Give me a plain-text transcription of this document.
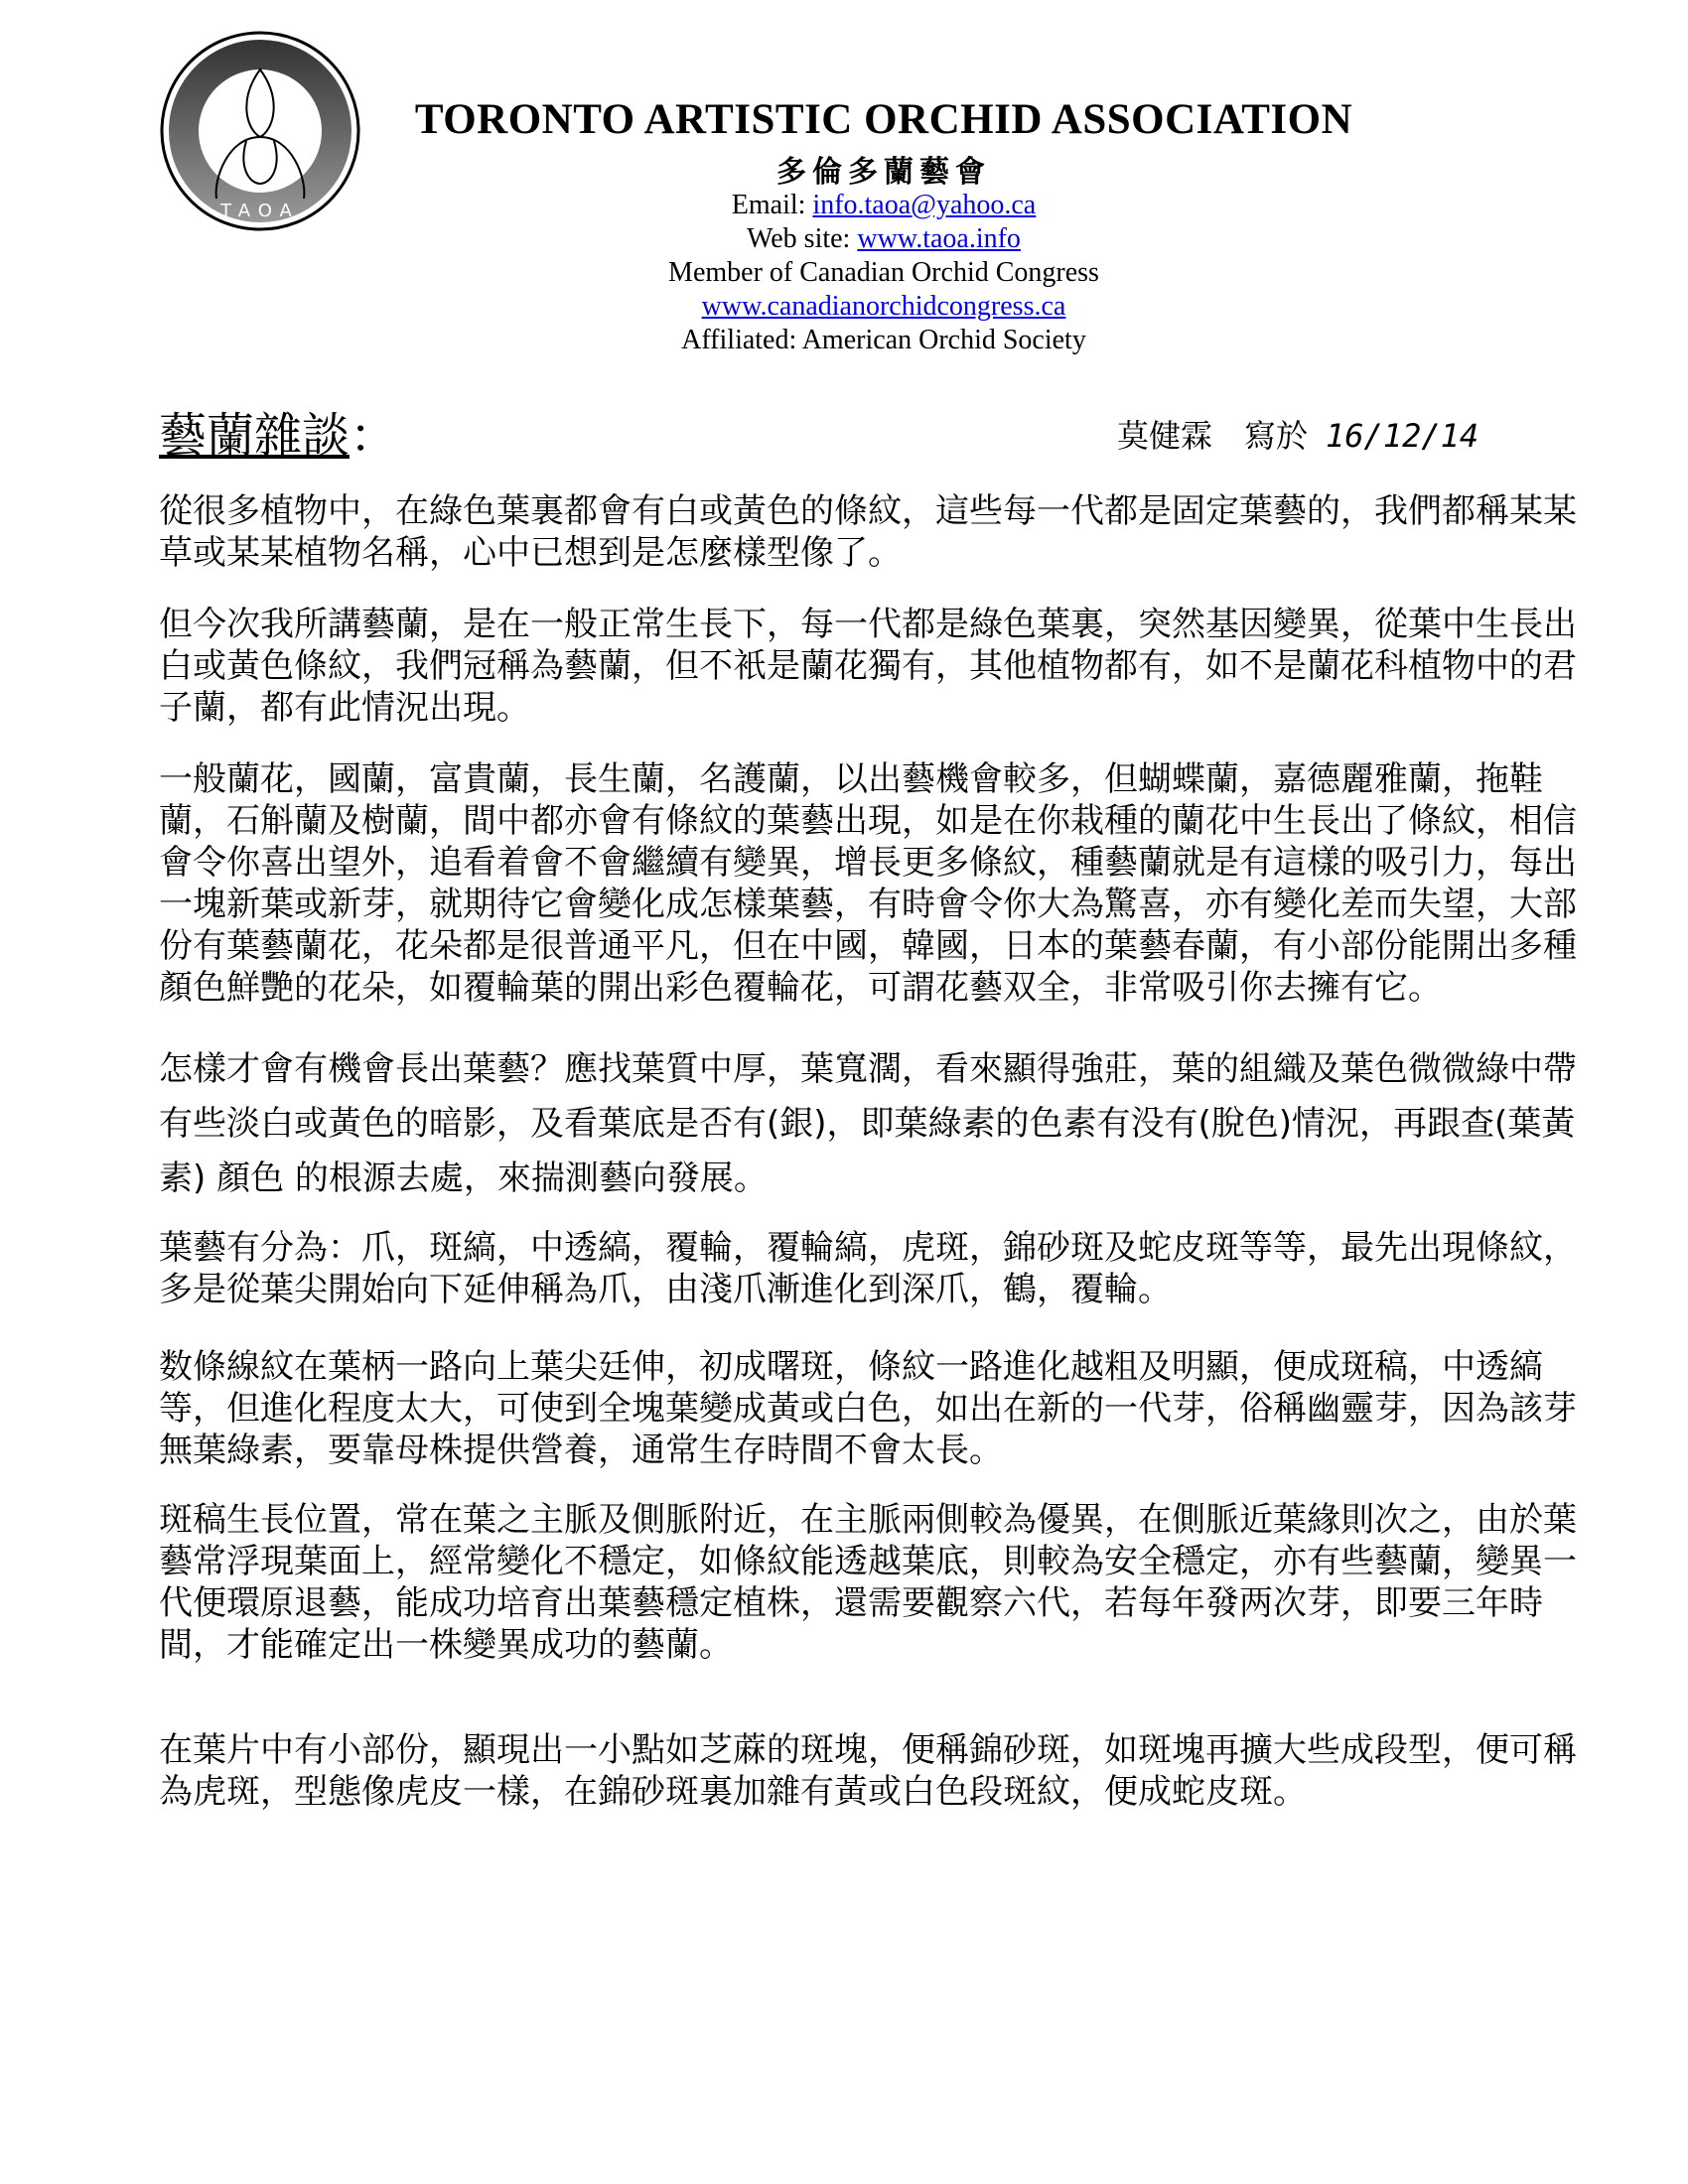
TAOA
TORONTO ARTISTIC ORCHID ASSOCIATION
多倫多蘭藝會
Email: info.taoa@yahoo.ca
Web site: www.taoa.info
Member of Canadian Orchid Congress
www.canadianorchidcongress.ca
Affiliated: American Orchid Society
藝蘭雜談：	莫健霖　寫於 16/12/14
從很多植物中，在綠色葉裏都會有白或黃色的條紋，這些每一代都是固定葉藝的，我們都稱某某
草或某某植物名稱，心中已想到是怎麼樣型像了。
但今次我所講藝蘭，是在一般正常生長下，每一代都是綠色葉裏，突然基因變異，從葉中生長出
白或黃色條紋，我們冠稱為藝蘭，但不衹是蘭花獨有，其他植物都有，如不是蘭花科植物中的君
子蘭，都有此情況出現。
一般蘭花，國蘭，富貴蘭，長生蘭，名護蘭，以出藝機會較多，但蝴蝶蘭，嘉德麗雅蘭，拖鞋
蘭，石斛蘭及樹蘭，間中都亦會有條紋的葉藝出現，如是在你栽種的蘭花中生長出了條紋，相信
會令你喜出望外，追看着會不會繼續有變異，增長更多條紋，種藝蘭就是有這樣的吸引力，每出
一塊新葉或新芽，就期待它會變化成怎樣葉藝，有時會令你大為驚喜，亦有變化差而失望，大部
份有葉藝蘭花，花朵都是很普通平凡，但在中國，韓國，日本的葉藝春蘭，有小部份能開出多種
顏色鮮艷的花朵，如覆輪葉的開出彩色覆輪花，可謂花藝双全，非常吸引你去擁有它。
怎樣才會有機會長出葉藝？應找葉質中厚，葉寬濶，看來顯得強莊，葉的組織及葉色微微綠中帶
有些淡白或黃色的暗影，及看葉底是否有(銀)，即葉綠素的色素有没有(脫色)情況，再跟查(葉黃
素) 顏色 的根源去處，來揣測藝向發展。
葉藝有分為：爪，斑縞，中透縞，覆輪，覆輪縞，虎斑，錦砂斑及蛇皮斑等等，最先出現條紋，
多是從葉尖開始向下延伸稱為爪，由淺爪漸進化到深爪，鶴，覆輪。
数條線紋在葉柄一路向上葉尖廷伸，初成曙斑，條紋一路進化越粗及明顯，便成斑稿，中透縞
等，但進化程度太大，可使到全塊葉變成黃或白色，如出在新的一代芽，俗稱幽靈芽，因為該芽
無葉綠素，要靠母株提供營養，通常生存時間不會太長。
斑稿生長位置，常在葉之主脈及側脈附近，在主脈兩側較為優異，在側脈近葉緣則次之，由於葉
藝常浮現葉面上，經常變化不穩定，如條紋能透越葉底，則較為安全穩定，亦有些藝蘭，變異一
代便環原退藝，能成功培育出葉藝穩定植株，還需要觀察六代，若每年發两次芽，即要三年時
間，才能確定出一株變異成功的藝蘭。
在葉片中有小部份，顯現出一小點如芝蔴的斑塊，便稱錦砂斑，如斑塊再擴大些成段型，便可稱
為虎斑，型態像虎皮一樣，在錦砂斑裏加雜有黃或白色段斑紋，便成蛇皮斑。
